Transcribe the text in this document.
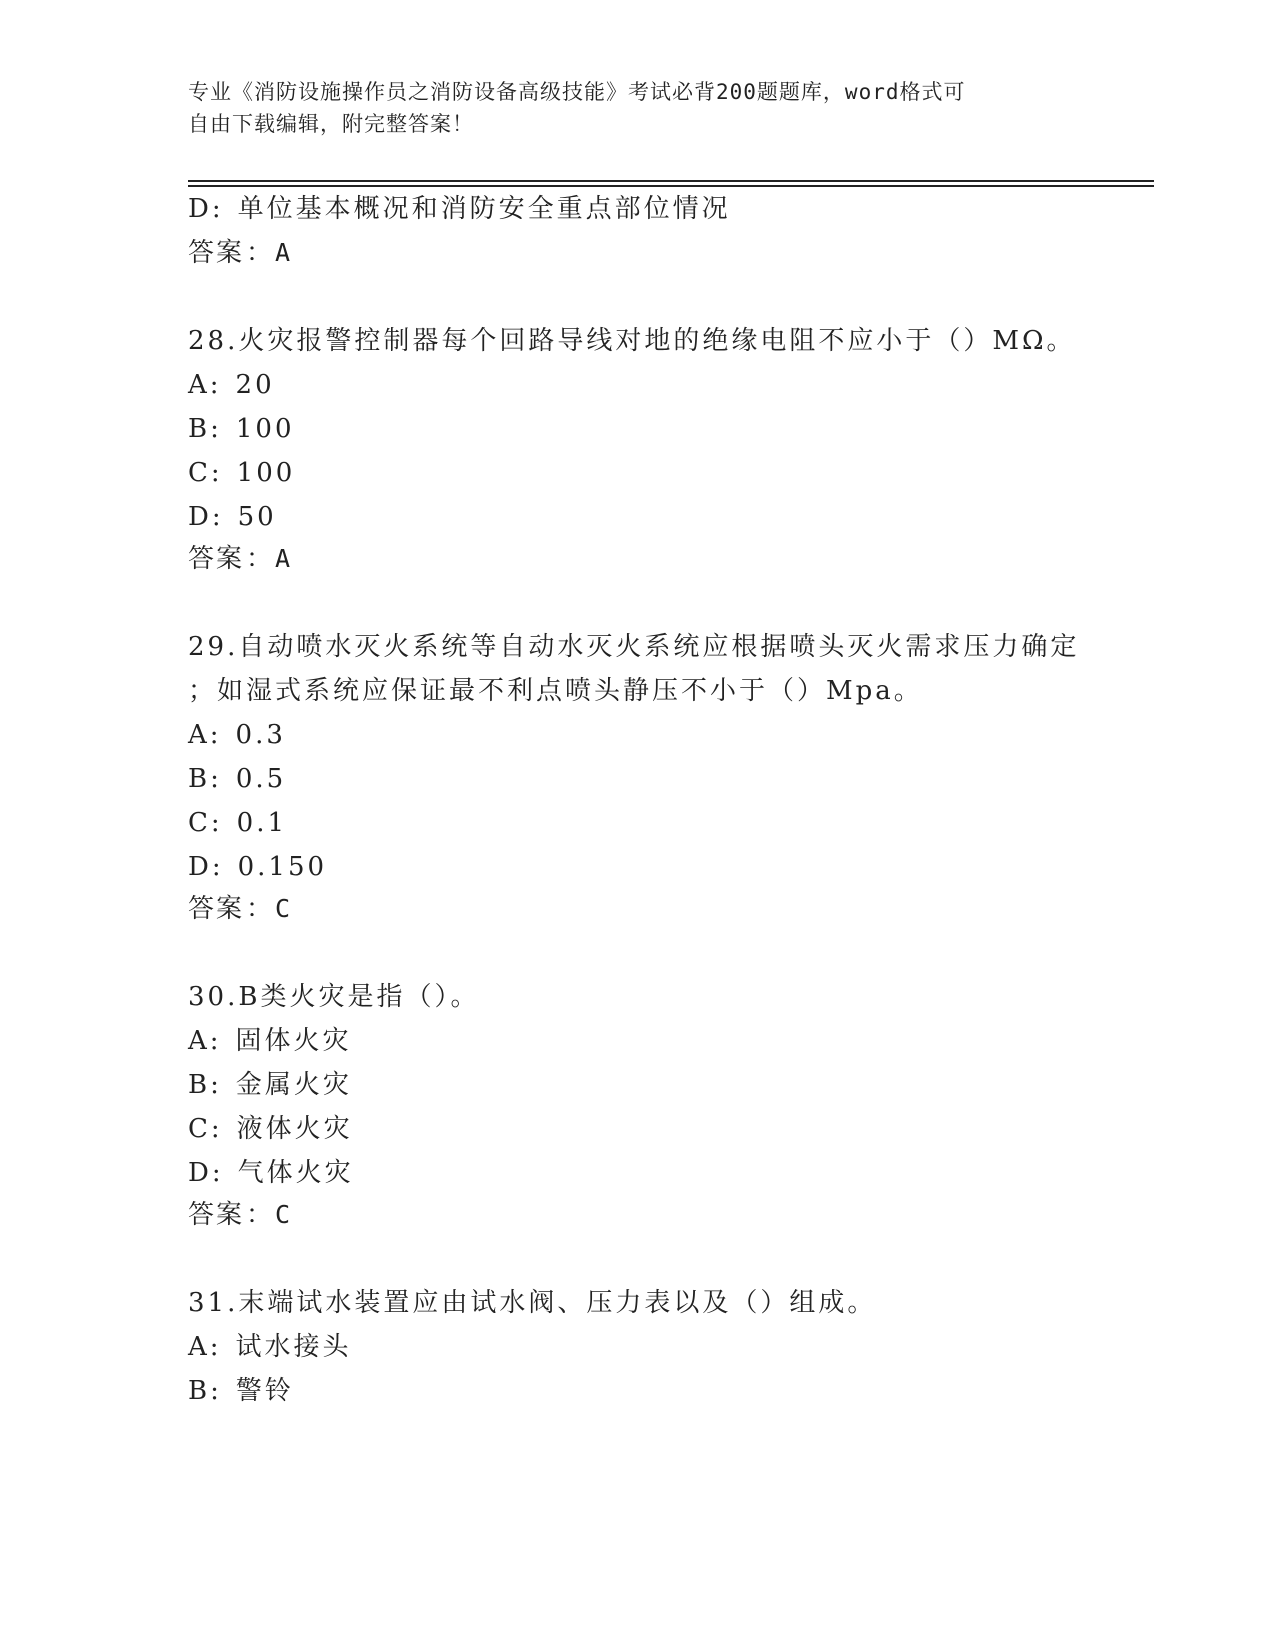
专业《消防设施操作员之消防设备高级技能》考试必背200题题库，word格式可
自由下载编辑，附完整答案！
D: 单位基本概况和消防安全重点部位情况
答案：A
28.火灾报警控制器每个回路导线对地的绝缘电阻不应小于（）MΩ。
A: 20
B: 100
C: 100
D: 50
答案：A
29.自动喷水灭火系统等自动水灭火系统应根据喷头灭火需求压力确定
；如湿式系统应保证最不利点喷头静压不小于（）Mpa。
A: 0.3
B: 0.5
C: 0.1
D: 0.150
答案：C
30.B类火灾是指（）。
A: 固体火灾
B: 金属火灾
C: 液体火灾
D: 气体火灾
答案：C
31.末端试水装置应由试水阀、压力表以及（）组成。
A: 试水接头
B: 警铃
